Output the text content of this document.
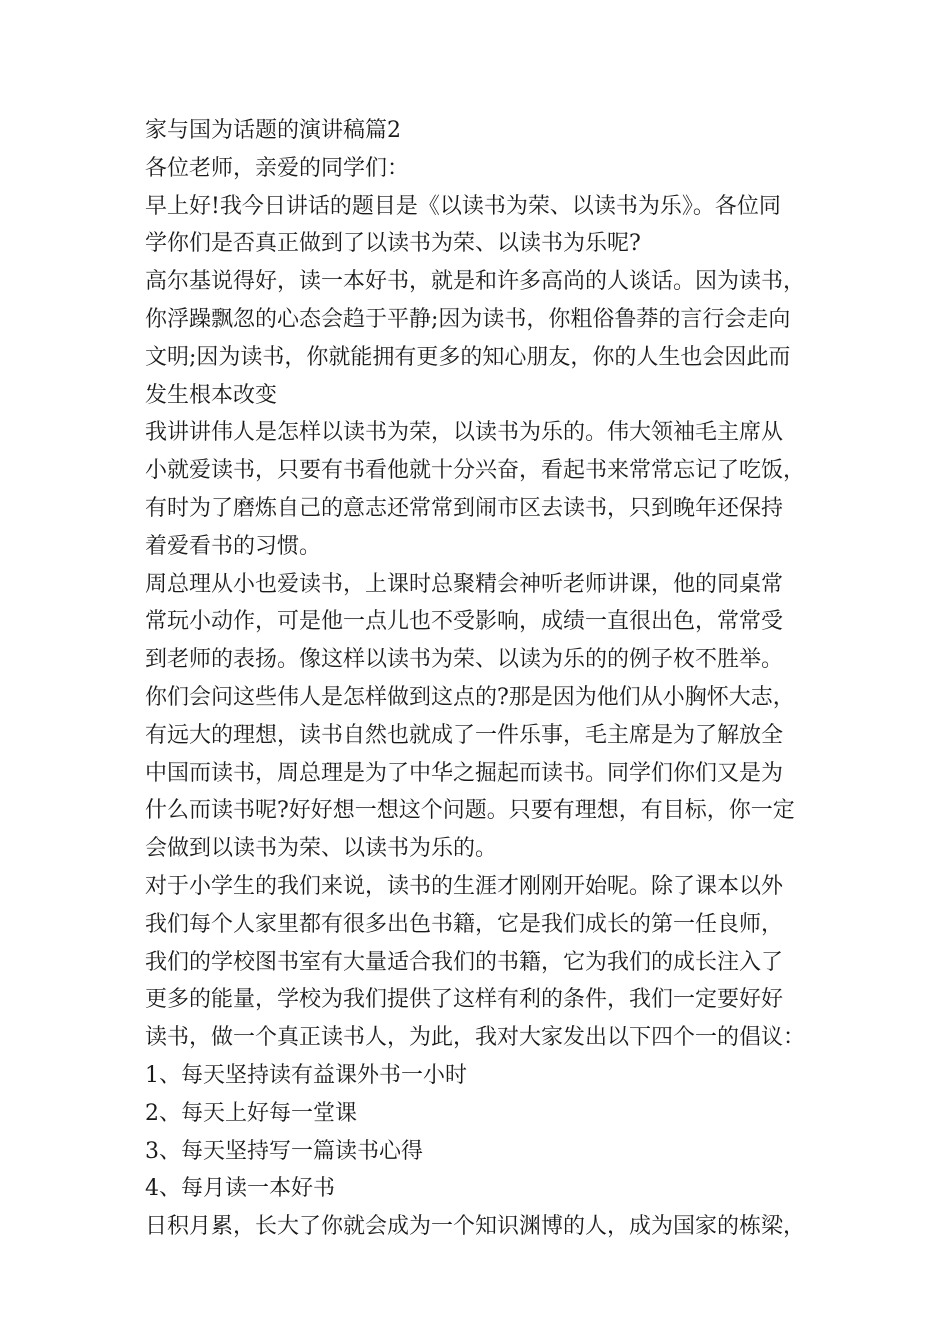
家与国为话题的演讲稿篇2
各位老师，亲爱的同学们：
早上好!我今日讲话的题目是《以读书为荣、以读书为乐》。各位同
学你们是否真正做到了以读书为荣、以读书为乐呢?
高尔基说得好，读一本好书，就是和许多高尚的人谈话。因为读书，
你浮躁飘忽的心态会趋于平静;因为读书，你粗俗鲁莽的言行会走向
文明;因为读书，你就能拥有更多的知心朋友，你的人生也会因此而
发生根本改变
我讲讲伟人是怎样以读书为荣，以读书为乐的。伟大领袖毛主席从
小就爱读书，只要有书看他就十分兴奋，看起书来常常忘记了吃饭，
有时为了磨炼自己的意志还常常到闹市区去读书，只到晚年还保持
着爱看书的习惯。
周总理从小也爱读书，上课时总聚精会神听老师讲课，他的同桌常
常玩小动作，可是他一点儿也不受影响，成绩一直很出色，常常受
到老师的表扬。像这样以读书为荣、以读为乐的的例子枚不胜举。
你们会问这些伟人是怎样做到这点的?那是因为他们从小胸怀大志，
有远大的理想，读书自然也就成了一件乐事，毛主席是为了解放全
中国而读书，周总理是为了中华之掘起而读书。同学们你们又是为
什么而读书呢?好好想一想这个问题。只要有理想，有目标，你一定
会做到以读书为荣、以读书为乐的。
对于小学生的我们来说，读书的生涯才刚刚开始呢。除了课本以外
我们每个人家里都有很多出色书籍，它是我们成长的第一任良师，
我们的学校图书室有大量适合我们的书籍，它为我们的成长注入了
更多的能量，学校为我们提供了这样有利的条件，我们一定要好好
读书，做一个真正读书人，为此，我对大家发出以下四个一的倡议：
1、每天坚持读有益课外书一小时
2、每天上好每一堂课
3、每天坚持写一篇读书心得
4、每月读一本好书
日积月累，长大了你就会成为一个知识渊博的人，成为国家的栋梁，
